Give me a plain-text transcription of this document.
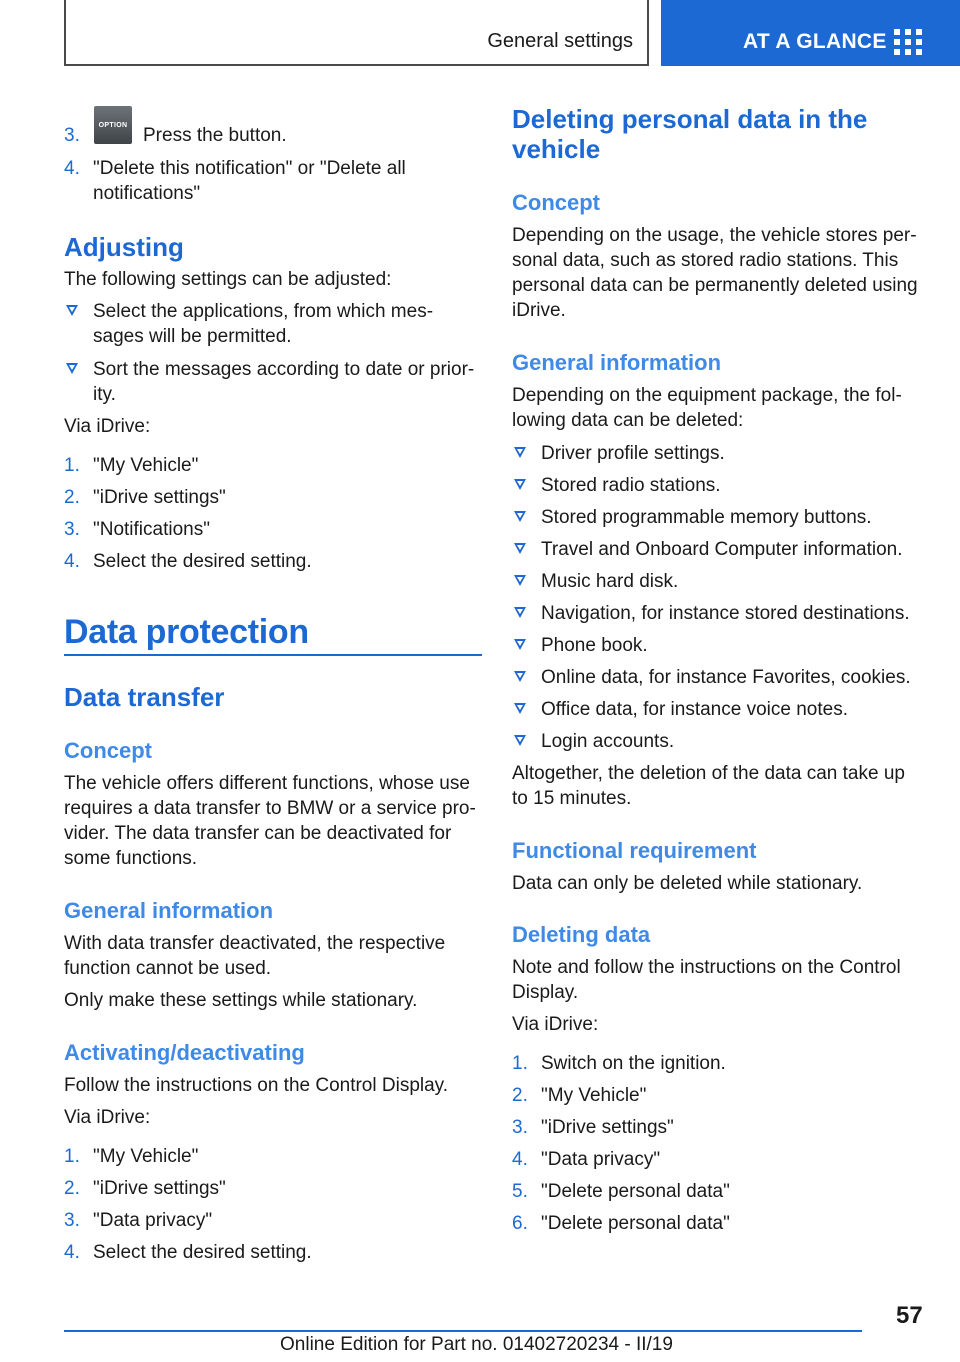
General settings	AT A GLANCE
3.	OPTION Press the button.
4. "Delete this notification" or "Delete all
notifications"
Adjusting

The following settings can be adjusted:

Select the applications, from which mes-
sages will be permitted.
Sort the messages according to date or prior-
ity.

Via iDrive:

1. "My Vehicle"
2. "iDrive settings"
3. "Notifications"
4. Select the desired setting.
Data protection
Data transfer
Concept

The vehicle offers different functions, whose use

requires a data transfer to BMW or a service pro-

vider. The data transfer can be deactivated for

some functions.

General information

With data transfer deactivated, the respective

function cannot be used.

Only make these settings while stationary.

Activating/deactivating

Follow the instructions on the Control Display.

Via iDrive:

1. "My Vehicle"
2. "iDrive settings"
3. "Data privacy"
4. Select the desired setting.
Deleting personal data in the
vehicle
Concept

Depending on the usage, the vehicle stores per-

sonal data, such as stored radio stations. This

personal data can be permanently deleted using

iDrive.

General information

Depending on the equipment package, the fol-

lowing data can be deleted:

Driver profile settings.
Stored radio stations.
Stored programmable memory buttons.
Travel and Onboard Computer information.
Music hard disk.
Navigation, for instance stored destinations.
Phone book.
Online data, for instance Favorites, cookies.
Office data, for instance voice notes.
Login accounts.

Altogether, the deletion of the data can take up

to 15 minutes.

Functional requirement

Data can only be deleted while stationary.

Deleting data

Note and follow the instructions on the Control

Display.

Via iDrive:

1. Switch on the ignition.
2. "My Vehicle"
3. "iDrive settings"
4. "Data privacy"
5. "Delete personal data"
6. "Delete personal data"
57
Online Edition for Part no. 01402720234 - II/19
